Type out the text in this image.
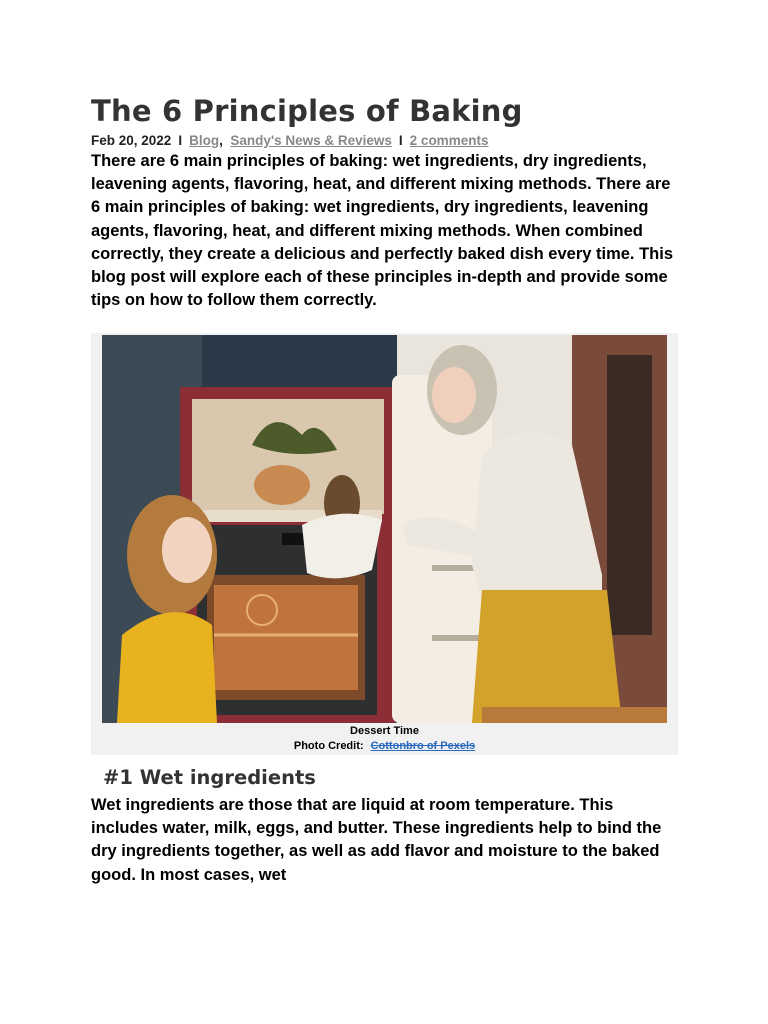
The 6 Principles of Baking
Feb 20, 2022 I Blog, Sandy's News & Reviews I 2 comments

There are 6 main principles of baking: wet ingredients, dry ingredients, leavening agents, flavoring, heat, and different mixing methods. There are 6 main principles of baking: wet ingredients, dry ingredients, leavening agents, flavoring, heat, and different mixing methods. When combined correctly, they create a delicious and perfectly baked dish every time. This blog post will explore each of these principles in-depth and provide some tips on how to follow them correctly.

Dessert Time
Photo Credit: Cottonbro of Pexels
#1 Wet ingredients

Wet ingredients are those that are liquid at room temperature. This includes water, milk, eggs, and butter. These ingredients help to bind the dry ingredients together, as well as add flavor and moisture to the baked good. In most cases, wet
